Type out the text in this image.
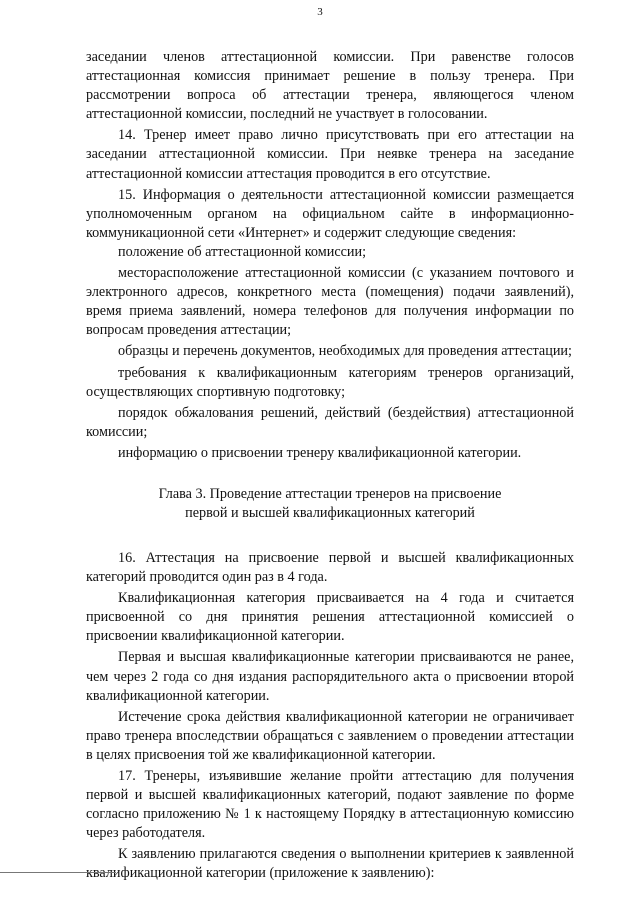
3

заседании членов аттестационной комиссии. При равенстве голосов аттестационная комиссия принимает решение в пользу тренера. При рассмотрении вопроса об аттестации тренера, являющегося членом аттестационной комиссии, последний не участвует в голосовании.

14. Тренер имеет право лично присутствовать при его аттестации на заседании аттестационной комиссии. При неявке тренера на заседание аттестационной комиссии аттестация проводится в его отсутствие.

15. Информация о деятельности аттестационной комиссии размещается уполномоченным органом на официальном сайте в информационно-коммуникационной сети «Интернет» и содержит следующие сведения:

положение об аттестационной комиссии;

месторасположение аттестационной комиссии (с указанием почтового и электронного адресов, конкретного места (помещения) подачи заявлений), время приема заявлений, номера телефонов для получения информации по вопросам проведения аттестации;

образцы и перечень документов, необходимых для проведения аттестации;

требования к квалификационным категориям тренеров организаций, осуществляющих спортивную подготовку;

порядок обжалования решений, действий (бездействия) аттестационной комиссии;

информацию о присвоении тренеру квалификационной категории.

Глава 3. Проведение аттестации тренеров на присвоение
первой и высшей квалификационных категорий

16. Аттестация на присвоение первой и высшей квалификационных категорий проводится один раз в 4 года.

Квалификационная категория присваивается на 4 года и считается присвоенной со дня принятия решения аттестационной комиссией о присвоении квалификационной категории.

Первая и высшая квалификационные категории присваиваются не ранее, чем через 2 года со дня издания распорядительного акта о присвоении второй квалификационной категории.

Истечение срока действия квалификационной категории не ограничивает право тренера впоследствии обращаться с заявлением о проведении аттестации в целях присвоения той же квалификационной категории.

17. Тренеры, изъявившие желание пройти аттестацию для получения первой и высшей квалификационных категорий, подают заявление по форме согласно приложению № 1 к настоящему Порядку в аттестационную комиссию через работодателя.

К заявлению прилагаются сведения о выполнении критериев к заявленной квалификационной категории (приложение к заявлению):
